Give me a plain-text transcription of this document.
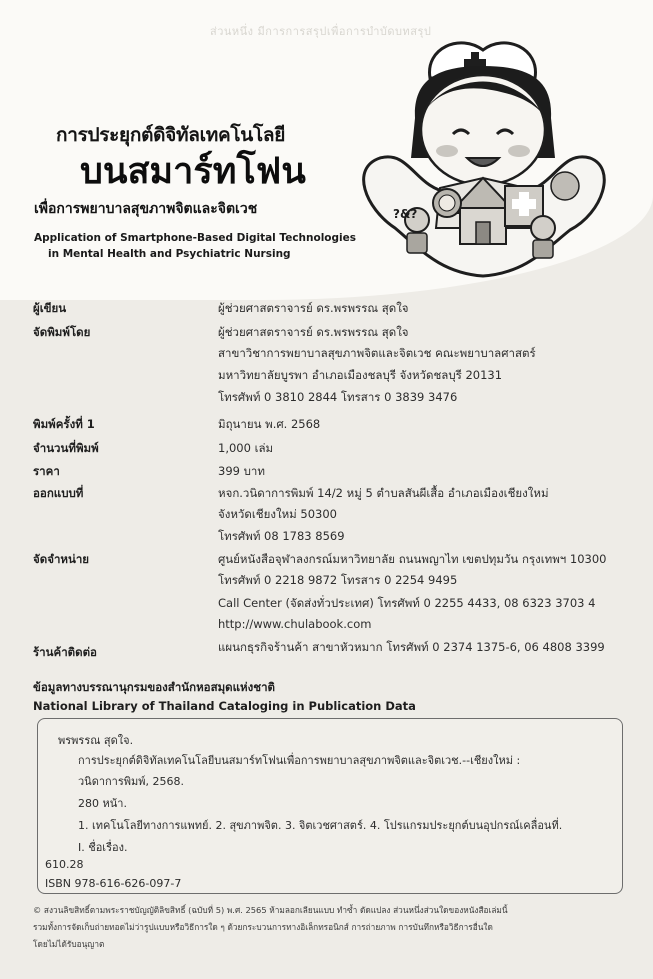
ส่วนหนึ่ง มีการการสรุปเพื่อการบำบัดบทสรุป
การประยุกต์ดิจิทัลเทคโนโลยี
บนสมาร์ทโฟน
เพื่อการพยาบาลสุขภาพจิตและจิตเวช
Application of Smartphone-Based Digital Technologies
in Mental Health and Psychiatric Nursing
?&?
ผู้เขียน	ผู้ช่วยศาสตราจารย์ ดร.พรพรรณ สุดใจ
จัดพิมพ์โดย	ผู้ช่วยศาสตราจารย์ ดร.พรพรรณ สุดใจ
สาขาวิชาการพยาบาลสุขภาพจิตและจิตเวช คณะพยาบาลศาสตร์
มหาวิทยาลัยบูรพา อำเภอเมืองชลบุรี จังหวัดชลบุรี 20131
โทรศัพท์ 0 3810 2844 โทรสาร 0 3839 3476
พิมพ์ครั้งที่ 1	มิถุนายน พ.ศ. 2568
จำนวนที่พิมพ์	1,000 เล่ม
ราคา	399 บาท
ออกแบบที่	หจก.วนิดาการพิมพ์ 14/2 หมู่ 5 ตำบลสันผีเสื้อ อำเภอเมืองเชียงใหม่
จังหวัดเชียงใหม่ 50300
โทรศัพท์ 08 1783 8569
จัดจำหน่าย	ศูนย์หนังสือจุฬาลงกรณ์มหาวิทยาลัย ถนนพญาไท เขตปทุมวัน กรุงเทพฯ 10300
โทรศัพท์ 0 2218 9872 โทรสาร 0 2254 9495
Call Center (จัดส่งทั่วประเทศ) โทรศัพท์ 0 2255 4433, 08 6323 3703 4
http://www.chulabook.com
ร้านค้าติดต่อ	แผนกธุรกิจร้านค้า สาขาหัวหมาก โทรศัพท์ 0 2374 1375-6, 06 4808 3399
ข้อมูลทางบรรณานุกรมของสำนักหอสมุดแห่งชาติ
National Library of Thailand Cataloging in Publication Data
พรพรรณ สุดใจ.
การประยุกต์ดิจิทัลเทคโนโลยีบนสมาร์ทโฟนเพื่อการพยาบาลสุขภาพจิตและจิตเวช.--เชียงใหม่ :
วนิดาการพิมพ์, 2568.
280 หน้า.
1. เทคโนโลยีทางการแพทย์. 2. สุขภาพจิต. 3. จิตเวชศาสตร์. 4. โปรแกรมประยุกต์บนอุปกรณ์เคลื่อนที่.
I. ชื่อเรื่อง.
610.28
ISBN 978-616-626-097-7
© สงวนลิขสิทธิ์ตามพระราชบัญญัติลิขสิทธิ์ (ฉบับที่ 5) พ.ศ. 2565 ห้ามลอกเลียนแบบ ทำซ้ำ ดัดแปลง ส่วนหนึ่งส่วนใดของหนังสือเล่มนี้
รวมทั้งการจัดเก็บถ่ายทอดไม่ว่ารูปแบบหรือวิธีการใด ๆ ด้วยกระบวนการทางอิเล็กทรอนิกส์ การถ่ายภาพ การบันทึกหรือวิธีการอื่นใด
โดยไม่ได้รับอนุญาต
